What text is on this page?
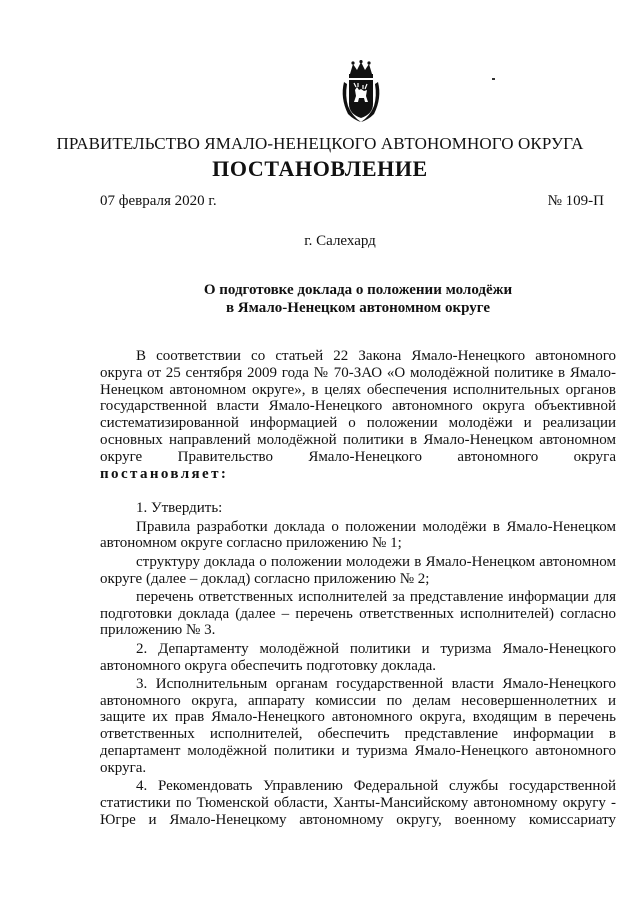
ПРАВИТЕЛЬСТВО ЯМАЛО-НЕНЕЦКОГО АВТОНОМНОГО ОКРУГА
ПОСТАНОВЛЕНИЕ
07 февраля 2020 г.	№ 109-П
г. Салехард
О подготовке доклада о положении молодёжи
в Ямало-Ненецком автономном округе

В соответствии со статьей 22 Закона Ямало-Ненецкого автономного округа от 25 сентября 2009 года № 70-ЗАО «О молодёжной политике в Ямало-Ненецком автономном округе», в целях обеспечения исполнительных органов государственной власти Ямало-Ненецкого автономного округа объективной систематизированной информацией о положении молодёжи и реализации основных направлений молодёжной политики в Ямало-Ненецком автономном округе Правительство Ямало-Ненецкого автономного округа постановляет:

1. Утвердить:

Правила разработки доклада о положении молодёжи в Ямало-Ненецком автономном округе согласно приложению № 1;

структуру доклада о положении молодежи в Ямало-Ненецком автономном округе (далее – доклад) согласно приложению № 2;

перечень ответственных исполнителей за представление информации для подготовки доклада (далее – перечень ответственных исполнителей) согласно приложению № 3.

2. Департаменту молодёжной политики и туризма Ямало-Ненецкого автономного округа обеспечить подготовку доклада.

3. Исполнительным органам государственной власти Ямало-Ненецкого автономного округа, аппарату комиссии по делам несовершеннолетних и защите их прав Ямало-Ненецкого автономного округа, входящим в перечень ответственных исполнителей, обеспечить представление информации в департамент молодёжной политики и туризма Ямало-Ненецкого автономного округа.

4. Рекомендовать Управлению Федеральной службы государственной статистики по Тюменской области, Ханты-Мансийскому автономному округу - Югре и Ямало-Ненецкому автономному округу, военному комиссариату
